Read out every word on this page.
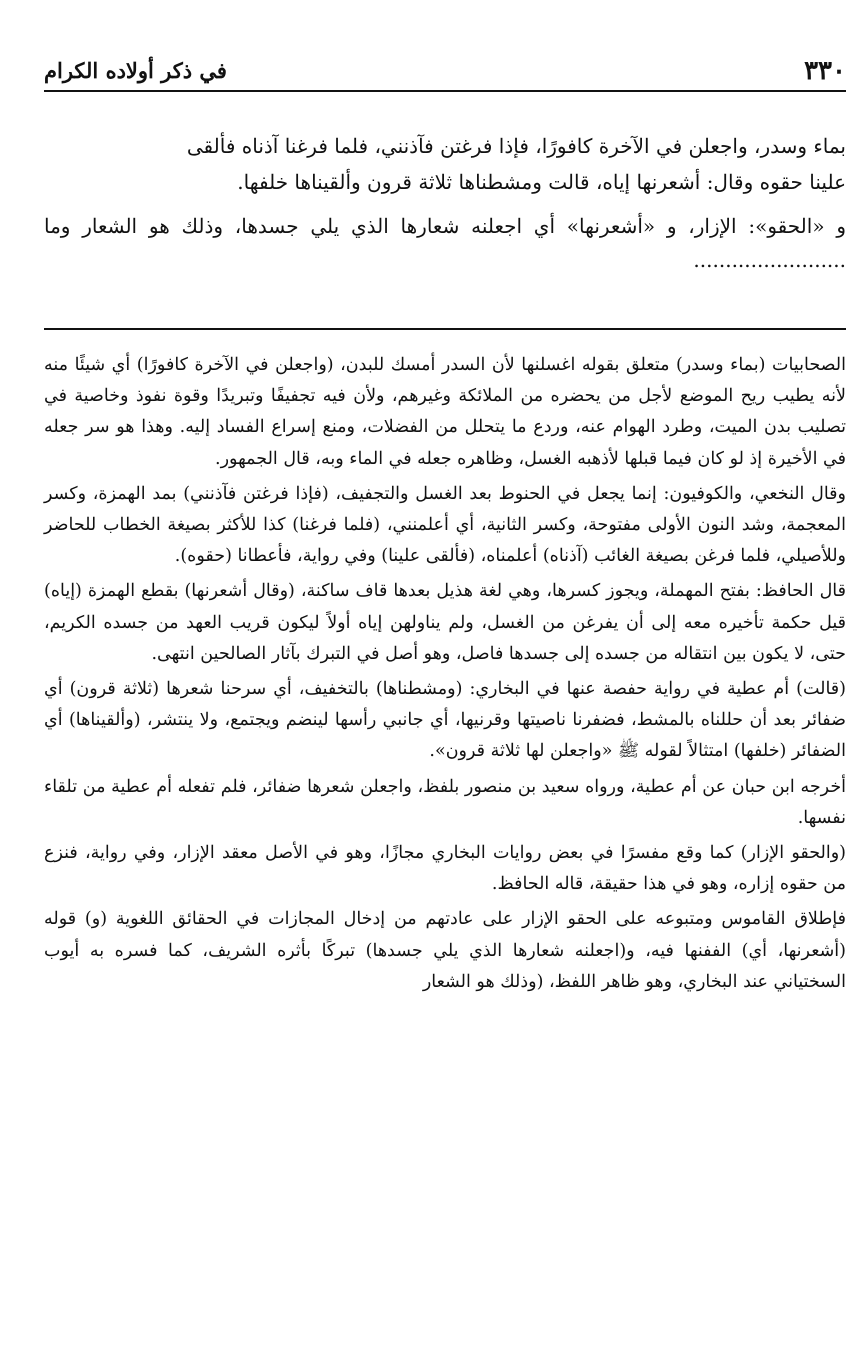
٣٣٠
في ذكر أولاده الكرام

بماء وسدر، واجعلن في الآخرة كافورًا، فإذا فرغتن فآذنني، فلما فرغنا آذناه فألقى

علينا حقوه وقال: أشعرنها إياه، قالت ومشطناها ثلاثة قرون وألقيناها خلفها.

و «الحقو»: الإزار، و «أشعرنها» أي اجعلنه شعارها الذي يلي جسدها، وذلك هو الشعار وما ........................

الصحابيات (بماء وسدر) متعلق بقوله اغسلنها لأن السدر أمسك للبدن، (واجعلن في الآخرة كافورًا) أي شيئًا منه لأنه يطيب ريح الموضع لأجل من يحضره من الملائكة وغيرهم، ولأن فيه تجفيفًا وتبريدًا وقوة نفوذ وخاصية في تصليب بدن الميت، وطرد الهوام عنه، وردع ما يتحلل من الفضلات، ومنع إسراع الفساد إليه. وهذا هو سر جعله في الأخيرة إذ لو كان فيما قبلها لأذهبه الغسل، وظاهره جعله في الماء وبه، قال الجمهور.

وقال النخعي، والكوفيون: إنما يجعل في الحنوط بعد الغسل والتجفيف، (فإذا فرغتن فآذنني) بمد الهمزة، وكسر المعجمة، وشد النون الأولى مفتوحة، وكسر الثانية، أي أعلمنني، (فلما فرغنا) كذا للأكثر بصيغة الخطاب للحاضر وللأصيلي، فلما فرغن بصيغة الغائب (آذناه) أعلمناه، (فألقى علينا) وفي رواية، فأعطانا (حقوه).

قال الحافظ: بفتح المهملة، ويجوز كسرها، وهي لغة هذيل بعدها قاف ساكنة، (وقال أشعرنها) بقطع الهمزة (إياه) قيل حكمة تأخيره معه إلى أن يفرغن من الغسل، ولم يناولهن إياه أولاً ليكون قريب العهد من جسده الكريم، حتى، لا يكون بين انتقاله من جسده إلى جسدها فاصل، وهو أصل في التبرك بآثار الصالحين انتهى.

(قالت) أم عطية في رواية حفصة عنها في البخاري: (ومشطناها) بالتخفيف، أي سرحنا شعرها (ثلاثة قرون) أي ضفائر بعد أن حللناه بالمشط، فضفرنا ناصيتها وقرنيها، أي جانبي رأسها لينضم ويجتمع، ولا ينتشر، (وألقيناها) أي الضفائر (خلفها) امتثالاً لقوله ﷺ «واجعلن لها ثلاثة قرون».

أخرجه ابن حبان عن أم عطية، ورواه سعيد بن منصور بلفظ، واجعلن شعرها ضفائر، فلم تفعله أم عطية من تلقاء نفسها.

(والحقو الإزار) كما وقع مفسرًا في بعض روايات البخاري مجازًا، وهو في الأصل معقد الإزار، وفي رواية، فنزع من حقوه إزاره، وهو في هذا حقيقة، قاله الحافظ.

فإطلاق القاموس ومتبوعه على الحقو الإزار على عادتهم من إدخال المجازات في الحقائق اللغوية (و) قوله (أشعرنها، أي) الففنها فيه، و(اجعلنه شعارها الذي يلي جسدها) تبركًا بأثره الشريف، كما فسره به أيوب السختياني عند البخاري، وهو ظاهر اللفظ، (وذلك هو الشعار
